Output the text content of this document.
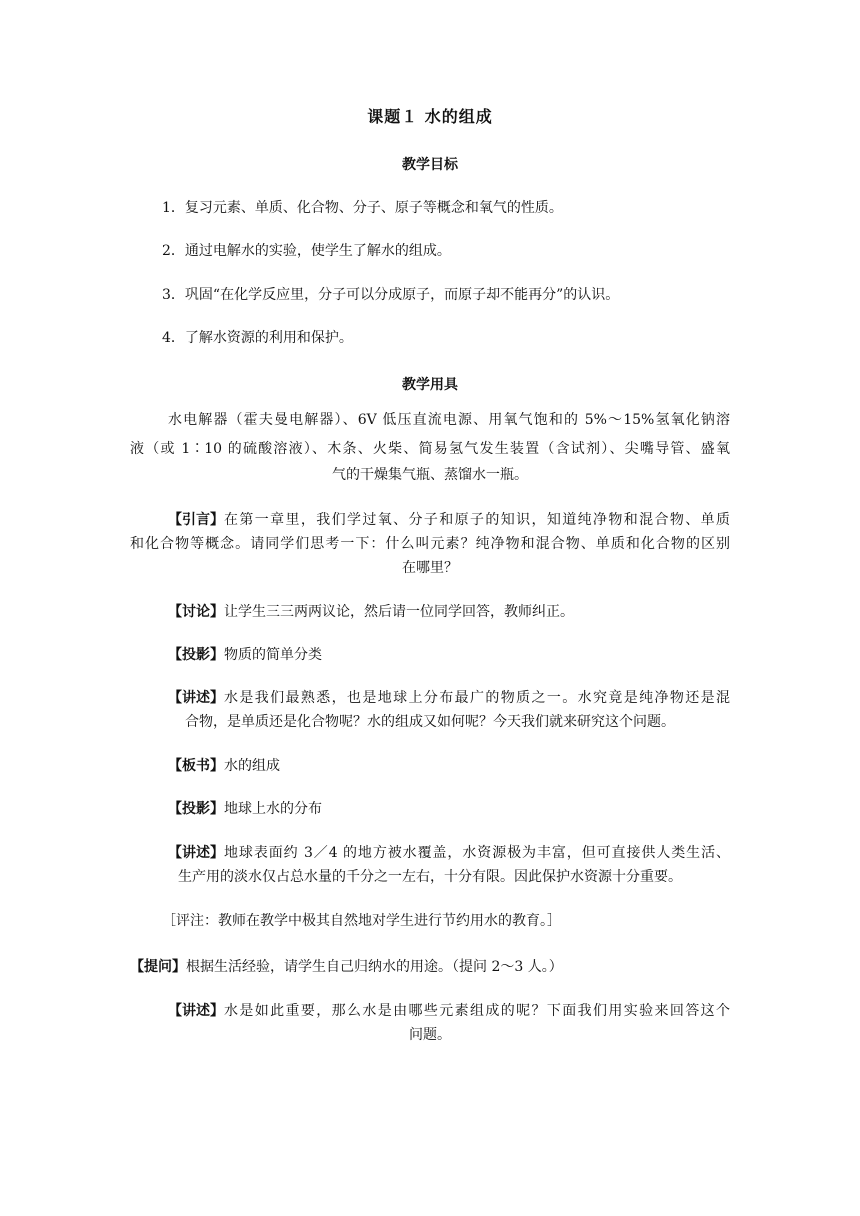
课题１ 水的组成
教学目标
1．复习元素、单质、化合物、分子、原子等概念和氧气的性质。
2．通过电解水的实验，使学生了解水的组成。
3．巩固“在化学反应里，分子可以分成原子，而原子却不能再分”的认识。
4．了解水资源的利用和保护。
教学用具
水电解器（霍夫曼电解器）、6V 低压直流电源、用氧气饱和的 5%～15%氢氧化钠溶
液（或 1∶10 的硫酸溶液）、木条、火柴、简易氢气发生装置（含试剂）、尖嘴导管、盛氧
气的干燥集气瓶、蒸馏水一瓶。
【引言】 在第一章里，我们学过氧、分子和原子的知识，知道纯净物和混合物、单质
和化合物等概念。请同学们思考一下：什么叫元素？纯净物和混合物、单质和化合物的区别
在哪里？
【讨论】让学生三三两两议论，然后请一位同学回答，教师纠正。
【投影】物质的简单分类
【讲述】 水是我们最熟悉，也是地球上分布最广的物质之一。水究竟是纯净物还是混
合物，是单质还是化合物呢？水的组成又如何呢？今天我们就来研究这个问题。
【板书】水的组成
【投影】地球上水的分布
【讲述】 地球表面约 3／4 的地方被水覆盖，水资源极为丰富，但可直接供人类生活、
生产用的淡水仅占总水量的千分之一左右，十分有限。因此保护水资源十分重要。
［评注：教师在教学中极其自然地对学生进行节约用水的教育。］
【提问】根据生活经验，请学生自己归纳水的用途。（提问 2～3 人。）
【讲述】 水是如此重要，那么水是由哪些元素组成的呢？下面我们用实验来回答这个
问题。
